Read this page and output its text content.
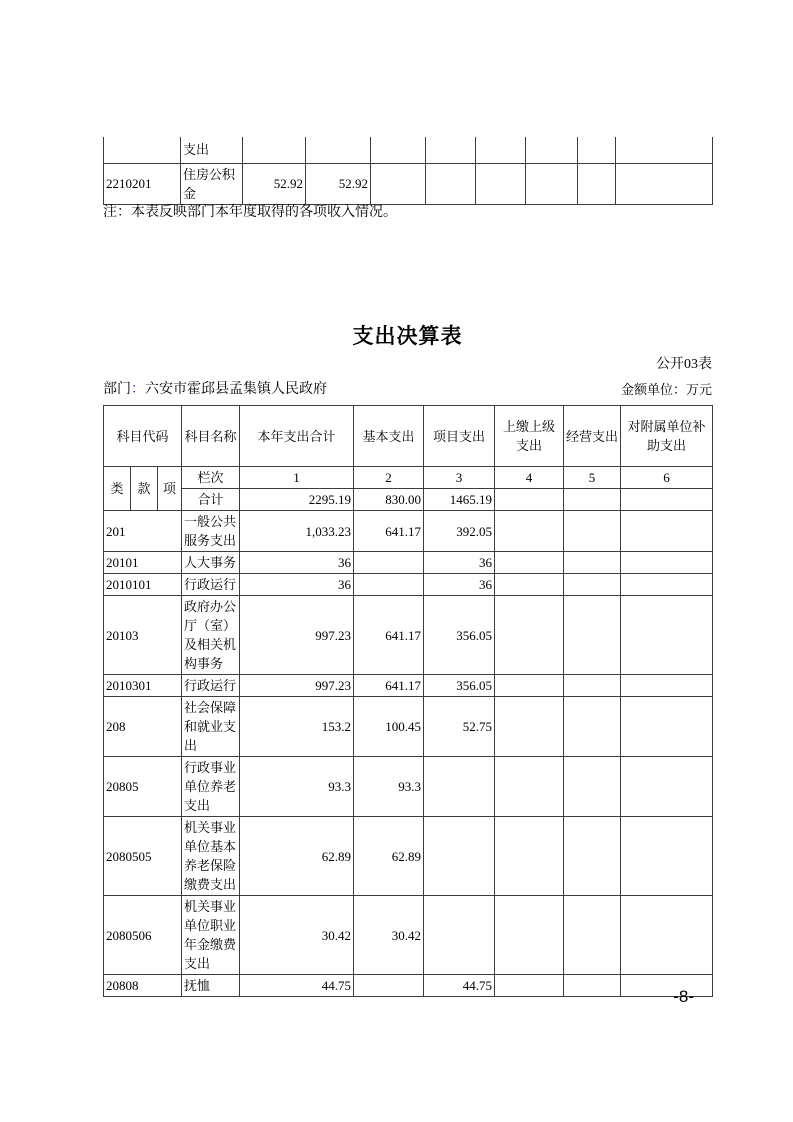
	支出								
2210201	住房公积金	52.92	52.92						
注：本表反映部门本年度取得的各项收入情况。
支出决算表
公开03表
部门：六安市霍邱县孟集镇人民政府	金额单位：万元
科目代码			科目名称	本年支出合计	基本支出	项目支出	上缴上级支出	经营支出	对附属单位补助支出
类	款	项	栏次	1	2	3	4	5	6
			合计	2295.19	830.00	1465.19			
201			一般公共服务支出	1,033.23	641.17	392.05			
20101			人大事务	36		36			
2010101			行政运行	36		36			
20103			政府办公厅（室）及相关机构事务	997.23	641.17	356.05			
2010301			行政运行	997.23	641.17	356.05			
208			社会保障和就业支出	153.2	100.45	52.75			
20805			行政事业单位养老支出	93.3	93.3				
2080505			机关事业单位基本养老保险缴费支出	62.89	62.89				
2080506			机关事业单位职业年金缴费支出	30.42	30.42				
20808			抚恤	44.75		44.75			
-8-
